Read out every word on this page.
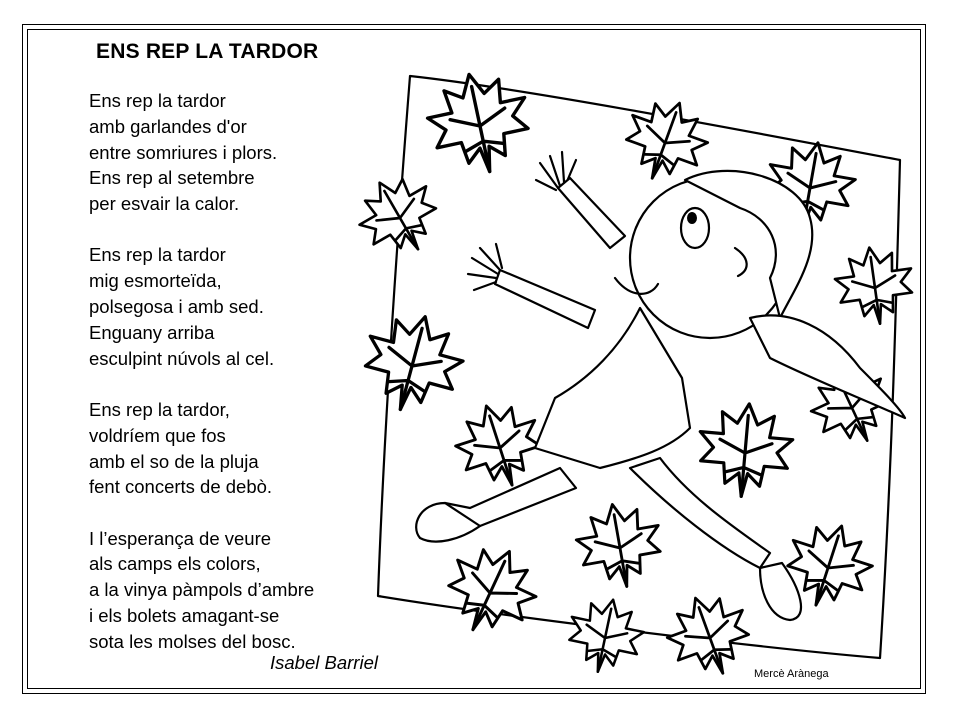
ENS REP LA TARDOR
Ens rep la tardor
amb garlandes d'or
entre somriures i plors.
Ens rep al setembre
per esvair la calor.
Ens rep la tardor
mig esmorteïda,
polsegosa i amb sed.
Enguany arriba
esculpint núvols al cel.
Ens rep la tardor,
voldríem que fos
amb el so de la pluja
fent concerts de debò.
I l’esperança de veure
als camps els colors,
a la vinya pàmpols d’ambre
i els bolets amagant-se
sota les molses del bosc.
Isabel Barriel
Mercè Arànega
